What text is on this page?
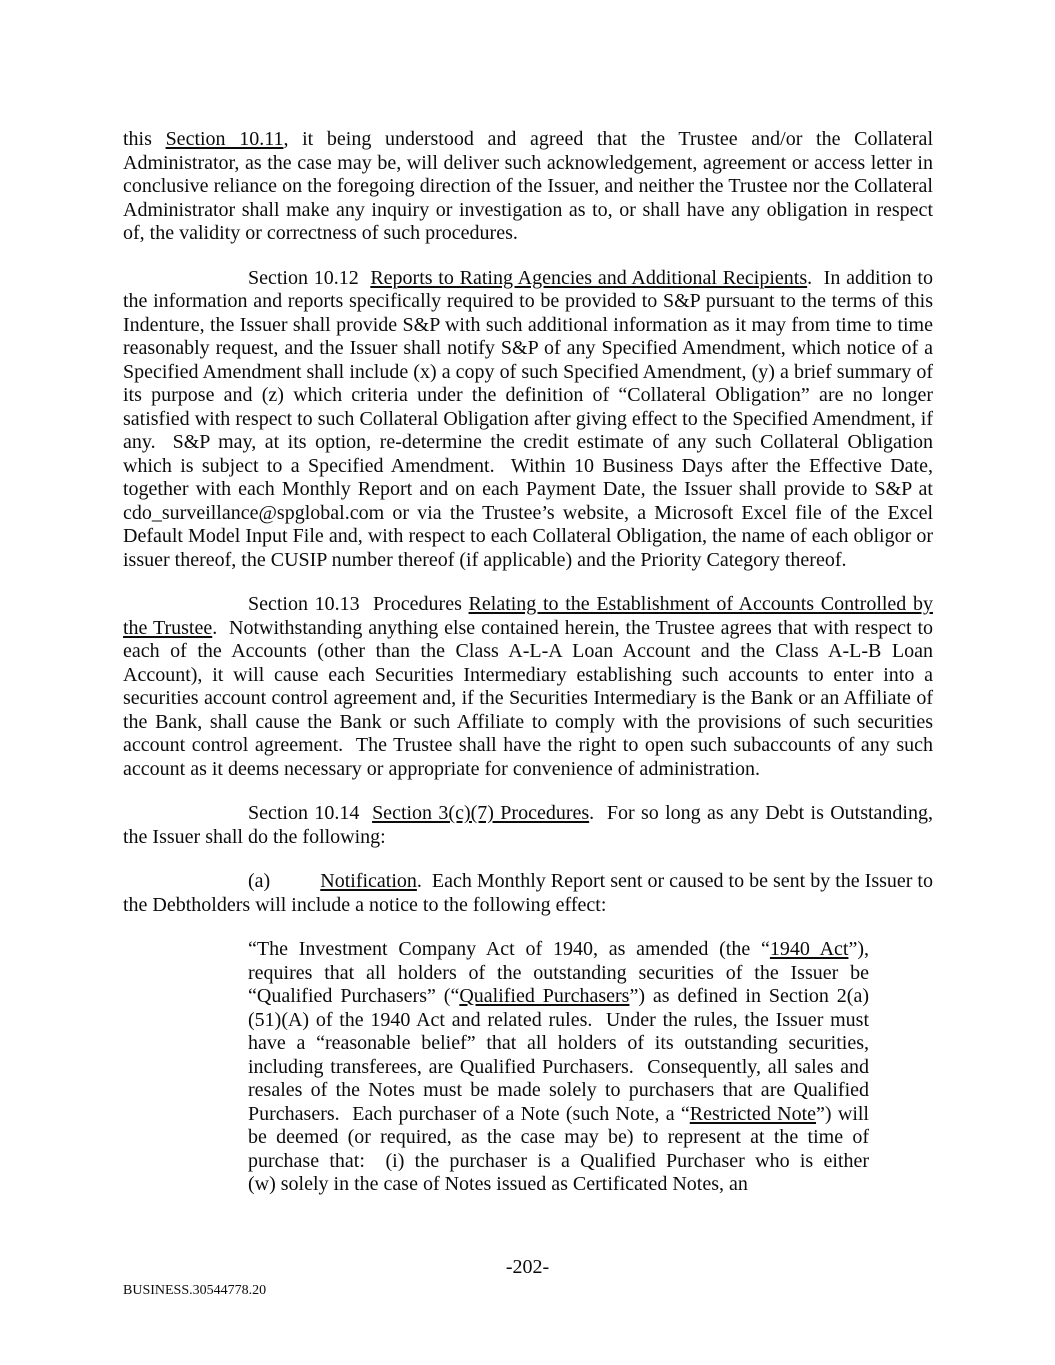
this Section 10.11, it being understood and agreed that the Trustee and/or the Collateral Administrator, as the case may be, will deliver such acknowledgement, agreement or access letter in conclusive reliance on the foregoing direction of the Issuer, and neither the Trustee nor the Collateral Administrator shall make any inquiry or investigation as to, or shall have any obligation in respect of, the validity or correctness of such procedures.

Section 10.12  Reports to Rating Agencies and Additional Recipients.  In addition to the information and reports specifically required to be provided to S&P pursuant to the terms of this Indenture, the Issuer shall provide S&P with such additional information as it may from time to time reasonably request, and the Issuer shall notify S&P of any Specified Amendment, which notice of a Specified Amendment shall include (x) a copy of such Specified Amendment, (y) a brief summary of its purpose and (z) which criteria under the definition of “Collateral Obligation” are no longer satisfied with respect to such Collateral Obligation after giving effect to the Specified Amendment, if any.  S&P may, at its option, re-determine the credit estimate of any such Collateral Obligation which is subject to a Specified Amendment.  Within 10 Business Days after the Effective Date, together with each Monthly Report and on each Payment Date, the Issuer shall provide to S&P at cdo_surveillance@spglobal.com or via the Trustee’s website, a Microsoft Excel file of the Excel Default Model Input File and, with respect to each Collateral Obligation, the name of each obligor or issuer thereof, the CUSIP number thereof (if applicable) and the Priority Category thereof.

Section 10.13  Procedures Relating to the Establishment of Accounts Controlled by the Trustee.  Notwithstanding anything else contained herein, the Trustee agrees that with respect to each of the Accounts (other than the Class A-L-A Loan Account and the Class A-L-B Loan Account), it will cause each Securities Intermediary establishing such accounts to enter into a securities account control agreement and, if the Securities Intermediary is the Bank or an Affiliate of the Bank, shall cause the Bank or such Affiliate to comply with the provisions of such securities account control agreement.  The Trustee shall have the right to open such subaccounts of any such account as it deems necessary or appropriate for convenience of administration.

Section 10.14  Section 3(c)(7) Procedures.  For so long as any Debt is Outstanding, the Issuer shall do the following:

(a)          Notification.  Each Monthly Report sent or caused to be sent by the Issuer to the Debtholders will include a notice to the following effect:

“The Investment Company Act of 1940, as amended (the “1940 Act”), requires that all holders of the outstanding securities of the Issuer be “Qualified Purchasers” (“Qualified Purchasers”) as defined in Section 2(a)(51)(A) of the 1940 Act and related rules.  Under the rules, the Issuer must have a “reasonable belief” that all holders of its outstanding securities, including transferees, are Qualified Purchasers.  Consequently, all sales and resales of the Notes must be made solely to purchasers that are Qualified Purchasers.  Each purchaser of a Note (such Note, a “Restricted Note”) will be deemed (or required, as the case may be) to represent at the time of purchase that:  (i) the purchaser is a Qualified Purchaser who is either (w) solely in the case of Notes issued as Certificated Notes, an

-202-
BUSINESS.30544778.20
